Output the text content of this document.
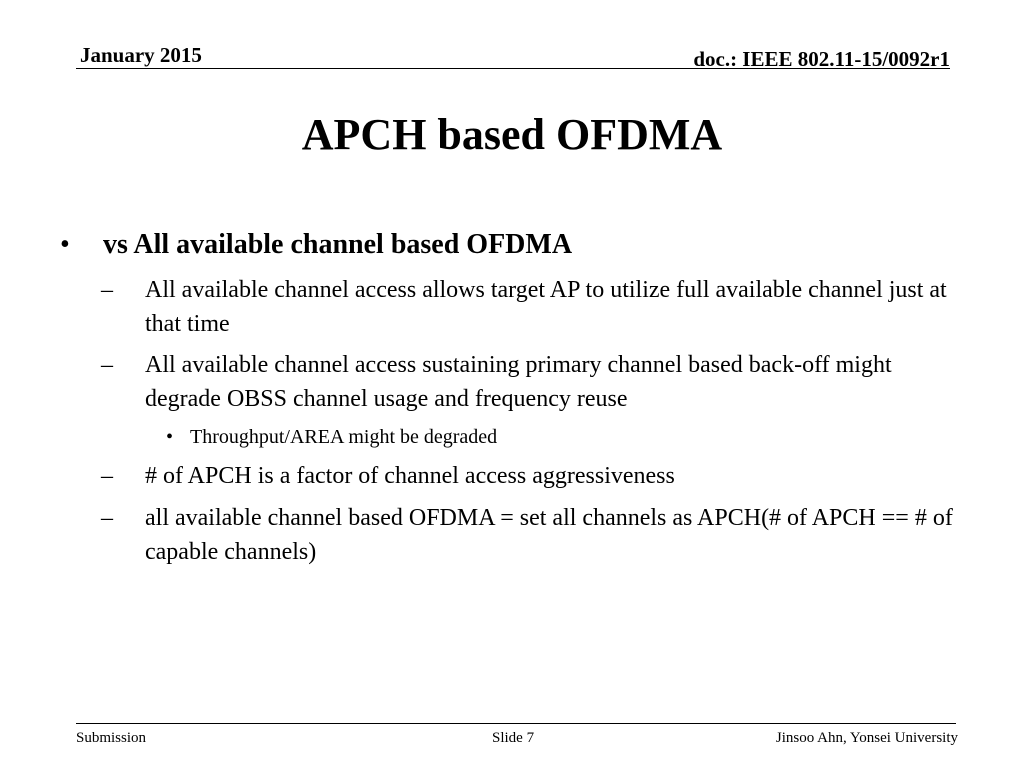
January 2015	doc.: IEEE 802.11-15/0092r1
APCH based OFDMA
• vs All available channel based OFDMA
– All available channel access allows target AP to utilize full available channel just at that time
– All available channel access sustaining primary channel based back-off might degrade OBSS channel usage and frequency reuse
• Throughput/AREA might be degraded
– # of APCH is a factor of channel access aggressiveness
– all available channel based OFDMA = set all channels as APCH(# of APCH == # of capable channels)
Submission	Slide 7	Jinsoo Ahn, Yonsei University
